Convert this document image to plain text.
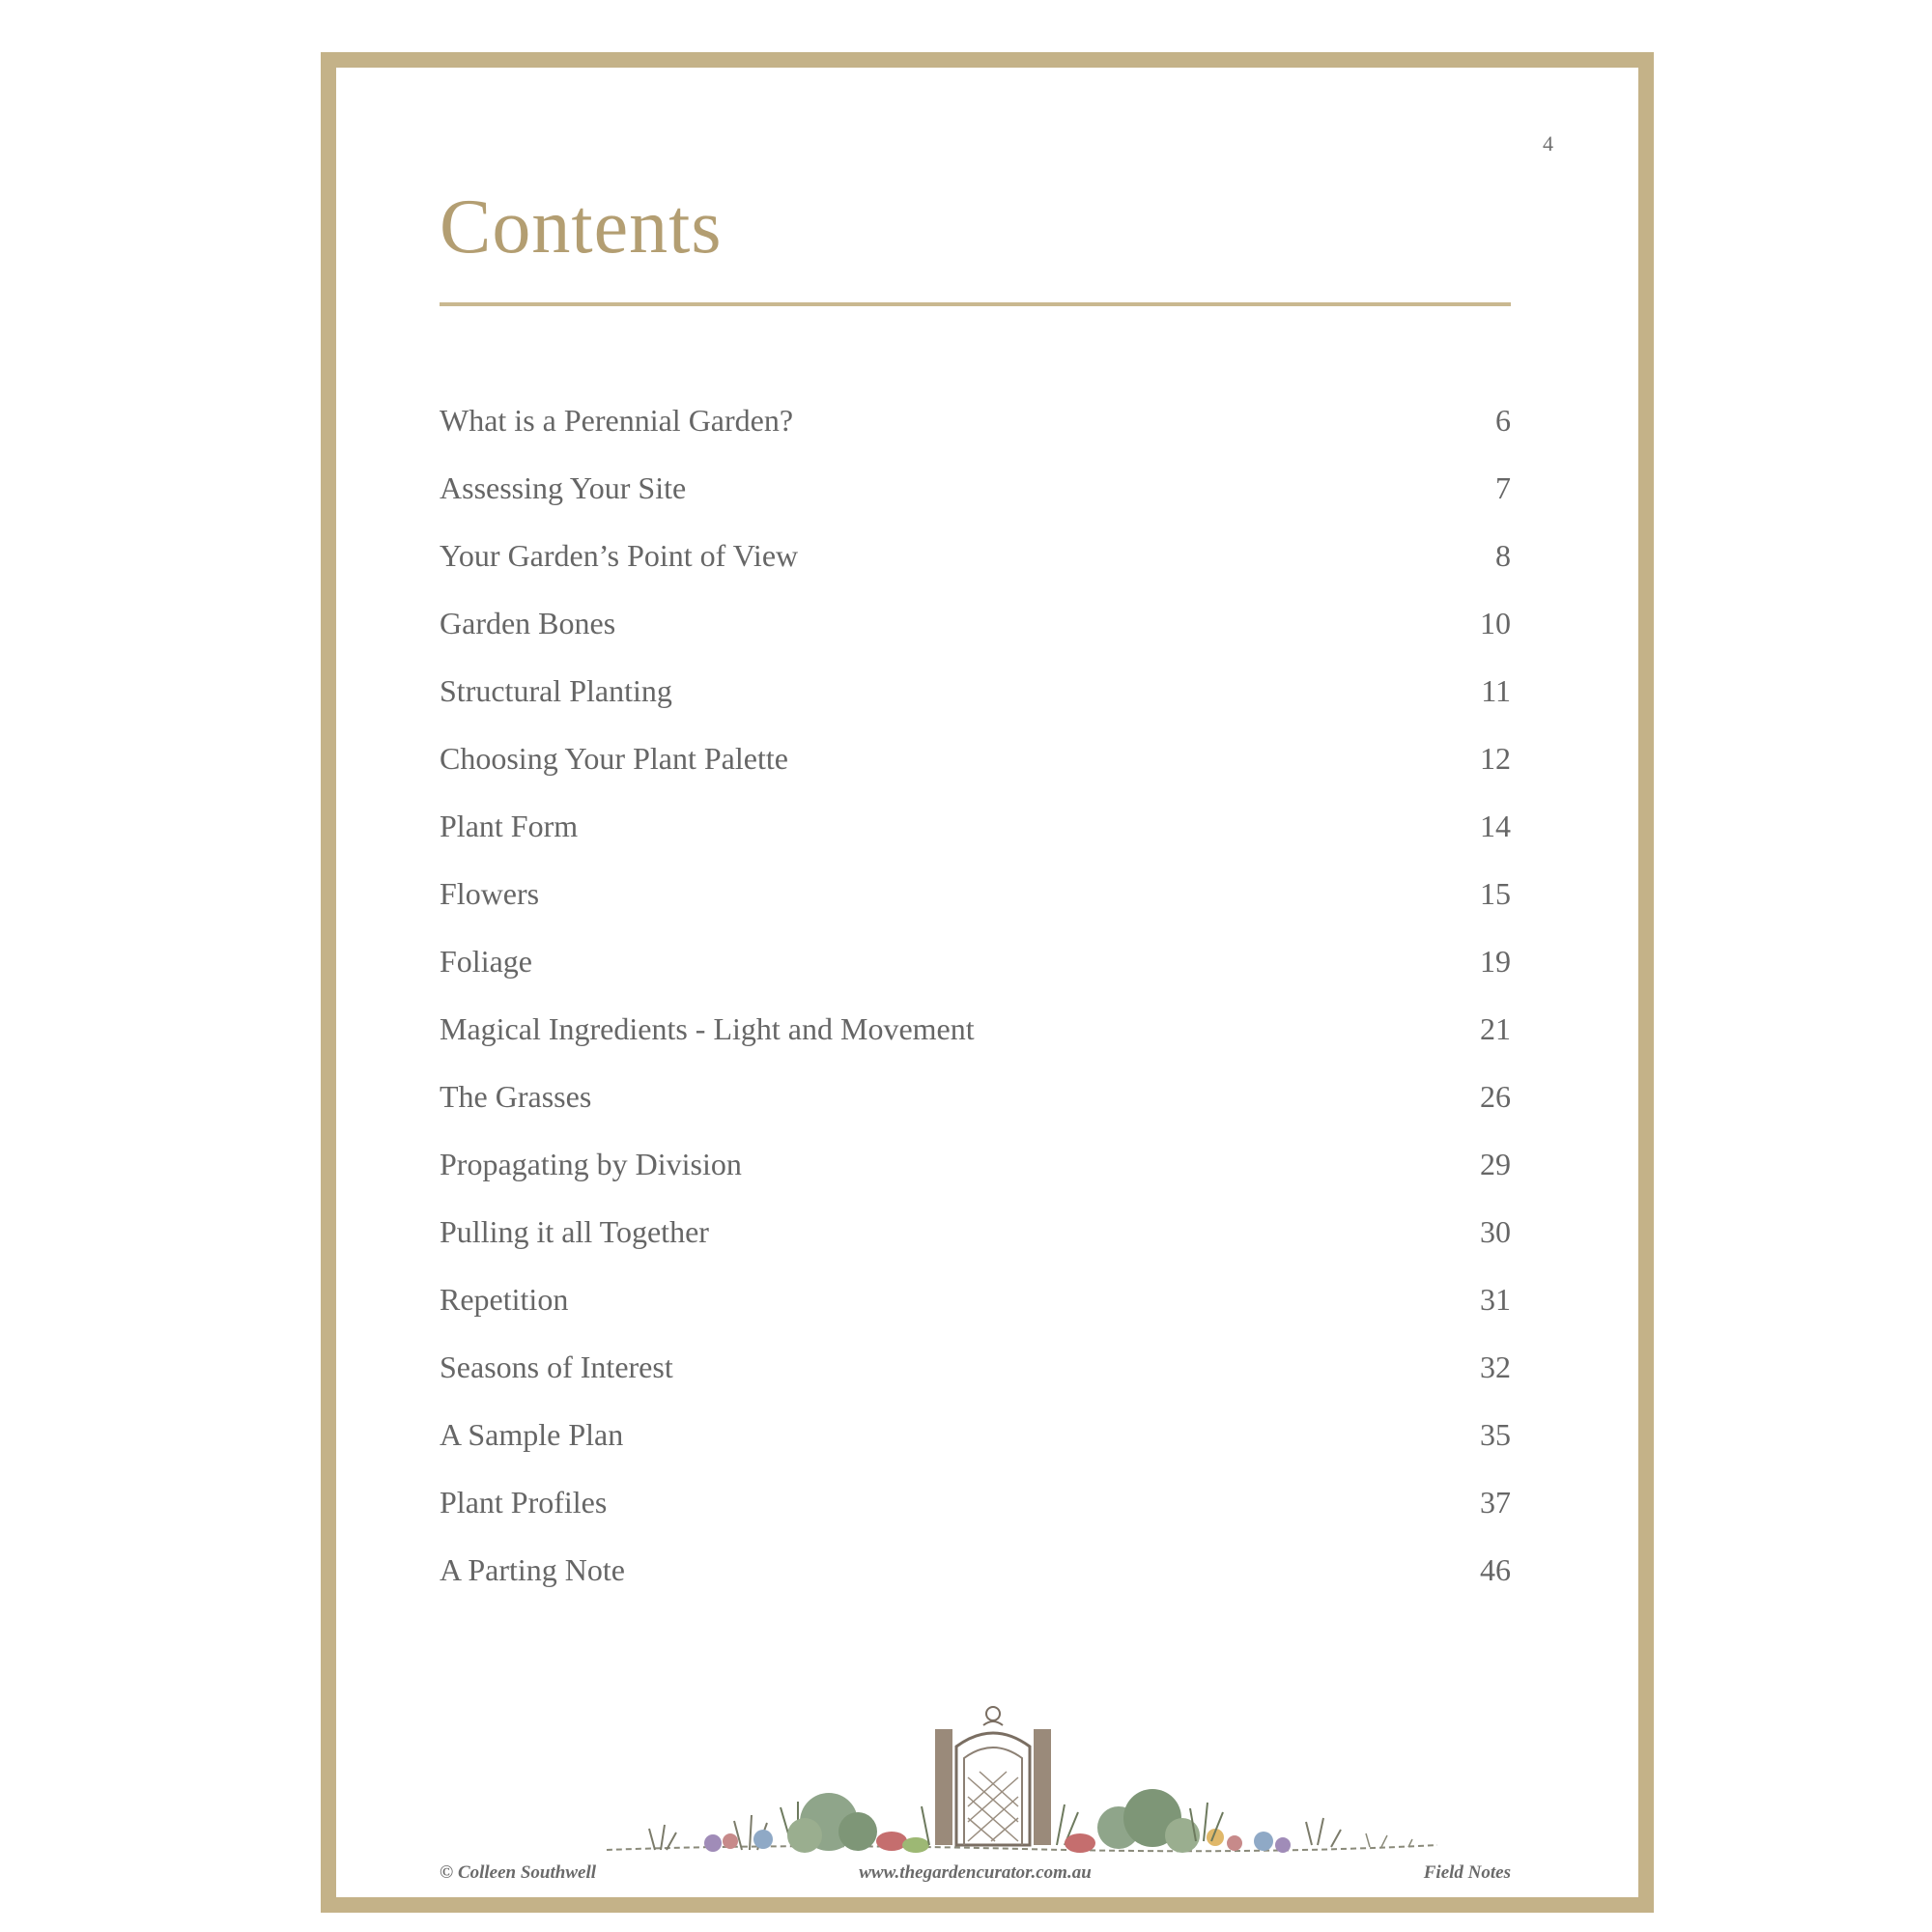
4
Contents
What is a Perennial Garden?	6
Assessing Your Site	7
Your Garden’s Point of View	8
Garden Bones	10
Structural Planting	11
Choosing Your Plant Palette	12
Plant Form	14
Flowers	15
Foliage	19
Magical Ingredients - Light and Movement	21
The Grasses	26
Propagating by Division	29
Pulling it all Together	30
Repetition	31
Seasons of Interest	32
A Sample Plan	35
Plant Profiles	37
A Parting Note	46
© Colleen Southwell	www.thegardencurator.com.au	Field Notes
